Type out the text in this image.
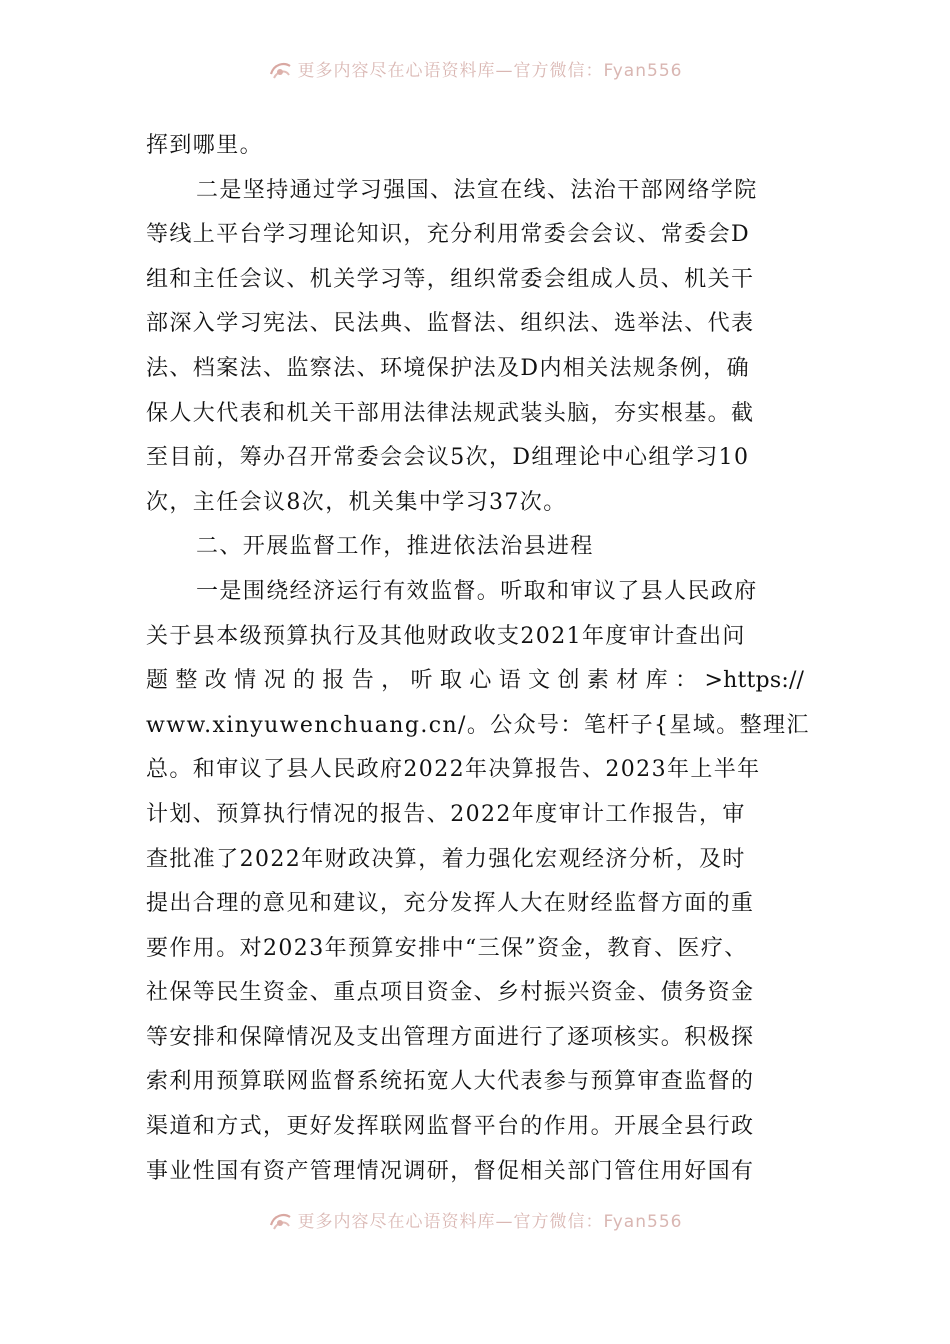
更多内容尽在心语资料库—官方微信：Fyan556
挥到哪里。
二是坚持通过学习强国、法宣在线、法治干部网络学院
等线上平台学习理论知识，充分利用常委会会议、常委会D
组和主任会议、机关学习等，组织常委会组成人员、机关干
部深入学习宪法、民法典、监督法、组织法、选举法、代表
法、档案法、监察法、环境保护法及D内相关法规条例，确
保人大代表和机关干部用法律法规武装头脑，夯实根基。截
至目前，筹办召开常委会会议5次，D组理论中心组学习10
次，主任会议8次，机关集中学习37次。
二、开展监督工作，推进依法治县进程
一是围绕经济运行有效监督。听取和审议了县人民政府
关于县本级预算执行及其他财政收支2021年度审计查出问
题 整 改 情 况 的 报 告 ， 听 取 心 语 文 创 素 材 库 ： >https://
www.xinyuwenchuang.cn/。公众号：笔杆子{星域。整理汇
总。和审议了县人民政府2022年决算报告、2023年上半年
计划、预算执行情况的报告、2022年度审计工作报告，审
查批准了2022年财政决算，着力强化宏观经济分析，及时
提出合理的意见和建议，充分发挥人大在财经监督方面的重
要作用。对2023年预算安排中“三保”资金，教育、医疗、
社保等民生资金、重点项目资金、乡村振兴资金、债务资金
等安排和保障情况及支出管理方面进行了逐项核实。积极探
索利用预算联网监督系统拓宽人大代表参与预算审查监督的
渠道和方式，更好发挥联网监督平台的作用。开展全县行政
事业性国有资产管理情况调研，督促相关部门管住用好国有
更多内容尽在心语资料库—官方微信：Fyan556
